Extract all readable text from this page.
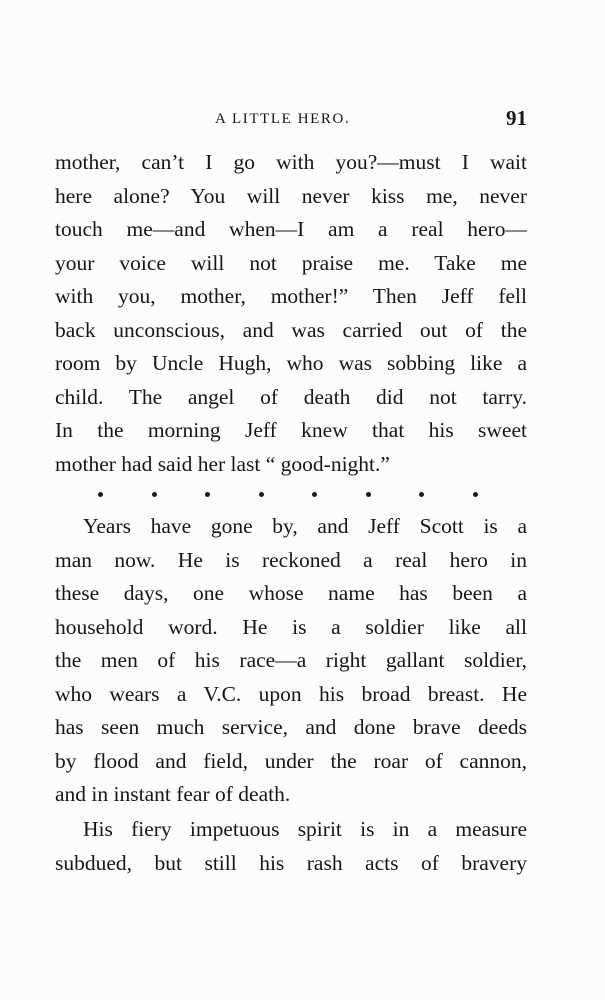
A LITTLE HERO.	91
mother, can’t I go with you?––must I wait
here alone? You will never kiss me, never
touch me—and when—I am a real hero—
your voice will not praise me. Take me
with you, mother, mother!” Then Jeff fell
back unconscious, and was carried out of the
room by Uncle Hugh, who was sobbing like a
child. The angel of death did not tarry.
In the morning Jeff knew that his sweet
mother had said her last “ good-night.”
Years have gone by, and Jeff Scott is a
man now. He is reckoned a real hero in
these days, one whose name has been a
household word. He is a soldier like all
the men of his race—a right gallant soldier,
who wears a V.C. upon his broad breast. He
has seen much service, and done brave deeds
by flood and field, under the roar of cannon,
and in instant fear of death.
His fiery impetuous spirit is in a measure
subdued, but still his rash acts of bravery
